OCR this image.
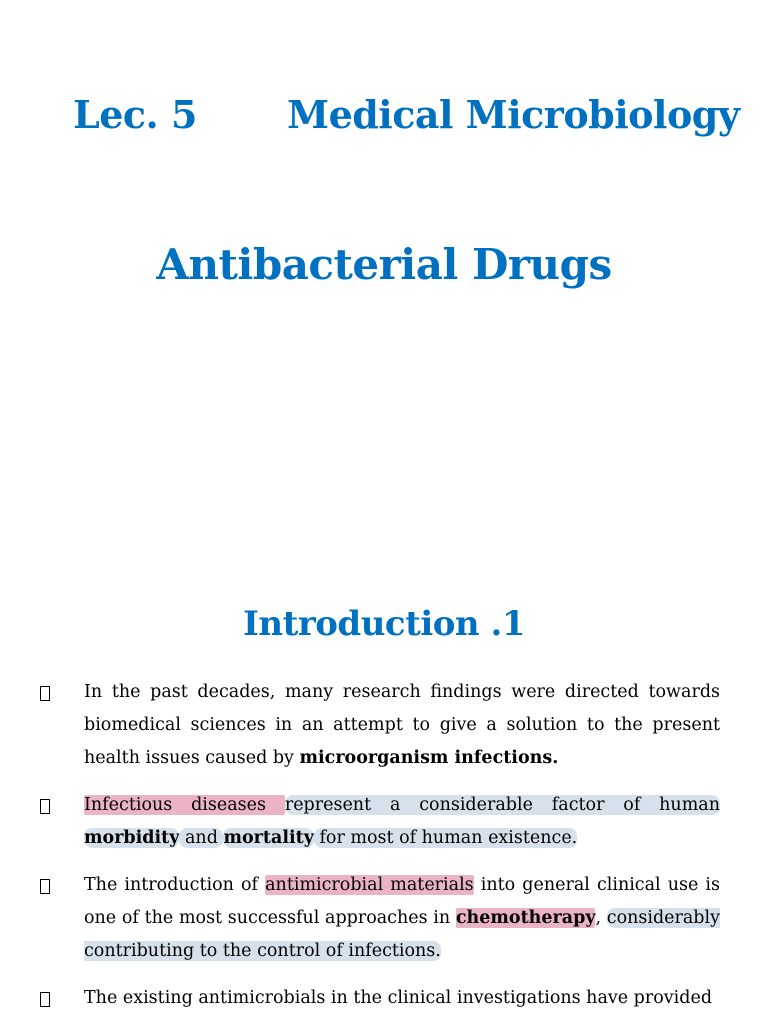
Lec. 5 Medical Microbiology
Antibacterial Drugs
Introduction .1
In the past decades, many research findings were directed towards biomedical sciences in an attempt to give a solution to the present health issues caused by microorganism infections.
Infectious diseases represent a considerable factor of human morbidity and mortality for most of human existence.
The introduction of antimicrobial materials into general clinical use is one of the most successful approaches in chemotherapy, considerably contributing to the control of infections.
The existing antimicrobials in the clinical investigations have provided
